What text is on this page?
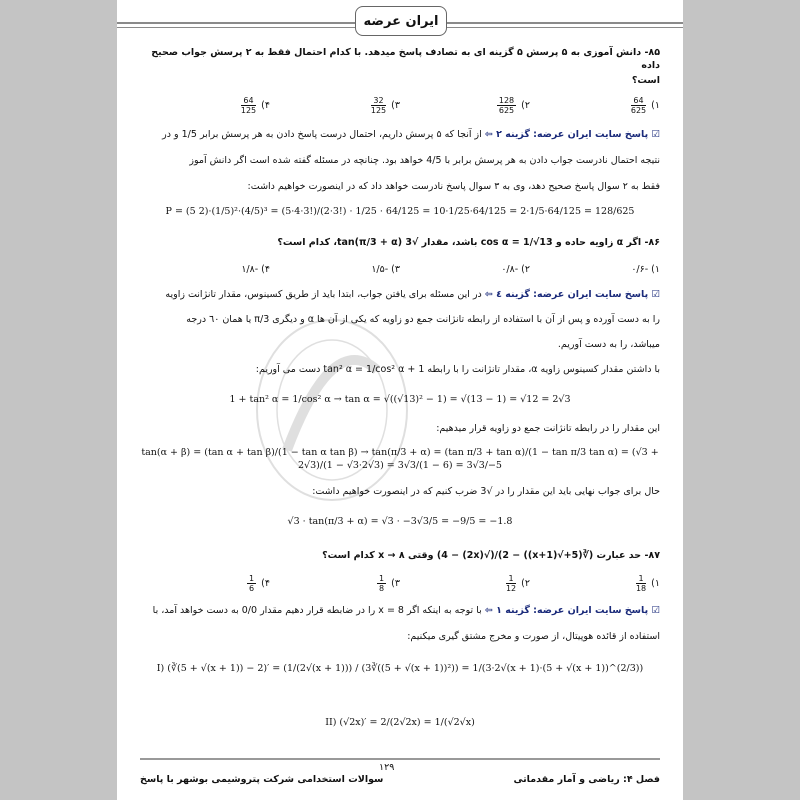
ایران عرضه
۸۵- دانش آموزی به ۵ پرسش ۵ گزینه ای به تصادف پاسخ میدهد. با کدام احتمال فقط به ۲ پرسش جواب صحیح داده
است؟
۱)
$\frac{64}{625}$
۲)
$\frac{128}{625}$
۳)
$\frac{32}{125}$
۴)
$\frac{64}{125}$
☑ پاسخ سایت ایران عرضه: گزینه ۲ ⇦ از آنجا که ۵ پرسش داریم، احتمال درست پاسخ دادن به هر پرسش برابر 1/5 و در
نتیجه احتمال نادرست جواب دادن به هر پرسش برابر با 4/5 خواهد بود. چنانچه در مسئله گفته شده است اگر دانش آموز
فقط به ۲ سوال پاسخ صحیح دهد، وی به ۳ سوال پاسخ نادرست خواهد داد که در اینصورت خواهیم داشت:
P = (5 2)·(1/5)²·(4/5)³ = (5·4·3!)/(2·3!) · 1/25 · 64/125 = 10·1/25·64/125 = 2·1/5·64/125 = 128/625
۸۶- اگر α زاویه حاده و cos α = 1/√13 باشد، مقدار √3 tan(π/3 + α)، کدام است؟
۱) -۰/۶
۲) -۰/۸
۳) -۱/۵
۴) -۱/۸
☑ پاسخ سایت ایران عرضه: گزینه ٤ ⇦ در این مسئله برای یافتن جواب، ابتدا باید از طریق کسینوس، مقدار تانژانت زاویه
را به دست آورده و پس از آن با استفاده از رابطه تانژانت جمع دو زاویه که یکی از آن ها α و دیگری π/3 یا همان ٦٠ درجه
میباشد، را به دست آوریم.
با داشتن مقدار کسینوس زاویه α، مقدار تانژانت را با رابطه 1 + tan² α = 1/cos² α دست می آوریم:
1 + tan² α = 1/cos² α → tan α = √((√13)² − 1) = √(13 − 1) = √12 = 2√3
این مقدار را در رابطه تانژانت جمع دو زاویه قرار میدهیم:
tan(α + β) = (tan α + tan β)/(1 − tan α tan β) → tan(π/3 + α) = (tan π/3 + tan α)/(1 − tan π/3 tan α) = (√3 + 2√3)/(1 − √3·2√3) = 3√3/(1 − 6) = 3√3/−5
حال برای جواب نهایی باید این مقدار را در √3 ضرب کنیم که در اینصورت خواهیم داشت:
√3 · tan(π/3 + α) = √3 · −3√3/5 = −9/5 = −1.8
۸۷- حد عبارت (∛(5+√(x+1)) − 2)/(√(2x) − 4) وقتی x → ۸ کدام است؟
۱)
$\frac{1}{18}$
۲)
$\frac{1}{12}$
۳)
$\frac{1}{8}$
۴)
$\frac{1}{6}$
☑ پاسخ سایت ایران عرضه: گزینه ۱ ⇦ با توجه به اینکه اگر x = 8 را در ضابطه قرار دهیم مقدار 0/0 به دست خواهد آمد، با
استفاده از قائده هوپیتال، از صورت و مخرج مشتق گیری میکنیم:
I) (∛(5 + √(x + 1)) − 2)′ = (1/(2√(x + 1))) / (3∛((5 + √(x + 1))²)) = 1/(3·2√(x + 1)·(5 + √(x + 1))^(2/3))
II) (√2x)′ = 2/(2√2x) = 1/(√2√x)
۱۲۹
فصل ۴: ریاضی و آمار مقدماتی
سوالات استخدامی شرکت پتروشیمی بوشهر با پاسخ
